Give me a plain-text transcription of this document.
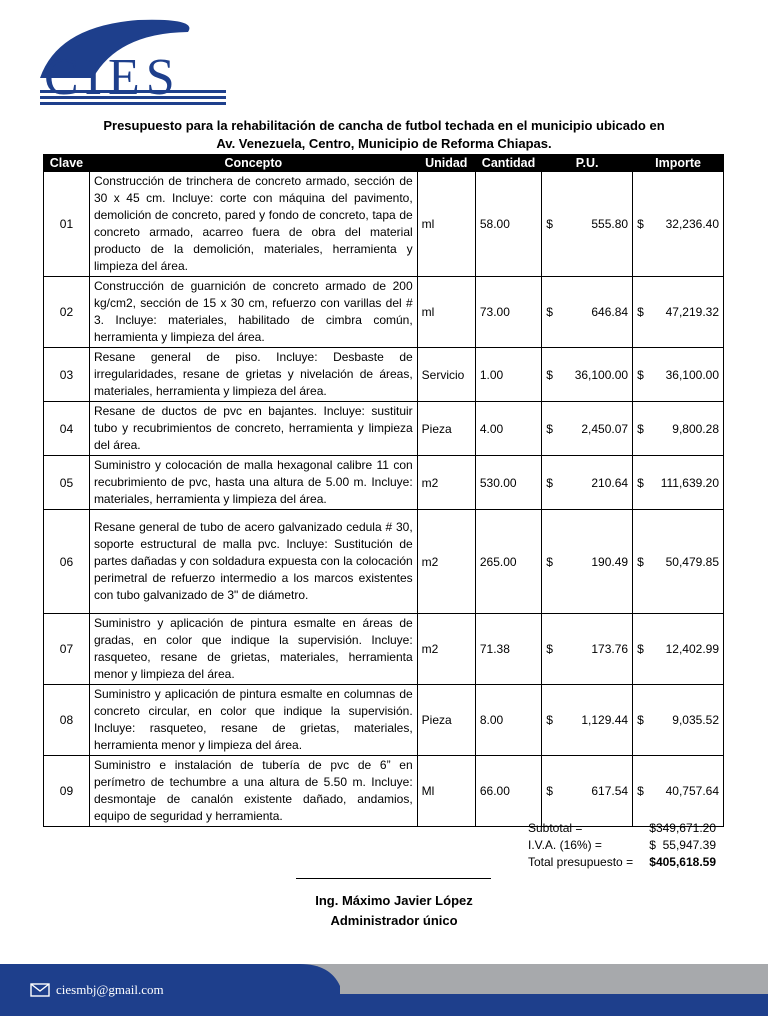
CIES
Presupuesto para la rehabilitación de cancha de futbol techada en el municipio ubicado en
Av. Venezuela, Centro, Municipio de Reforma Chiapas.
Clave	Concepto	Unidad	Cantidad	P.U.	Importe
01	Construcción de trinchera de concreto armado, sección de 30 x 45 cm. Incluye: corte con máquina del pavimento, demolición de concreto, pared y fondo de concreto, tapa de concreto armado, acarreo fuera de obra del material producto de la demolición, materiales, herramienta y limpieza del área.	ml	58.00	$ 555.80	$ 32,236.40

02	Construcción de guarnición de concreto armado de 200 kg/cm2, sección de 15 x 30 cm, refuerzo con varillas del # 3. Incluye: materiales, habilitado de cimbra común, herramienta y limpieza del área.	ml	73.00	$ 646.84	$ 47,219.32

03	Resane general de piso. Incluye: Desbaste de irregularidades, resane de grietas y nivelación de áreas, materiales, herramienta y limpieza del área.	Servicio	1.00	$ 36,100.00	$ 36,100.00

04	Resane de ductos de pvc en bajantes. Incluye: sustituir tubo y recubrimientos de concreto, herramienta y limpieza del área.	Pieza	4.00	$ 2,450.07	$ 9,800.28

05	Suministro y colocación de malla hexagonal calibre 11 con recubrimiento de pvc, hasta una altura de 5.00 m. Incluye: materiales, herramienta y limpieza del área.	m2	530.00	$ 210.64	$ 111,639.20

06	Resane general de tubo de acero galvanizado cedula # 30, soporte estructural de malla pvc. Incluye: Sustitución de partes dañadas y con soldadura expuesta con la colocación perimetral de refuerzo intermedio a los marcos existentes con tubo galvanizado de 3" de diámetro.	m2	265.00	$ 190.49	$ 50,479.85

07	Suministro y aplicación de pintura esmalte en áreas de gradas, en color que indique la supervisión. Incluye: rasqueteo, resane de grietas, materiales, herramienta menor y limpieza del área.	m2	71.38	$ 173.76	$ 12,402.99

08	Suministro y aplicación de pintura esmalte en columnas de concreto circular, en color que indique la supervisión. Incluye: rasqueteo, resane de grietas, materiales, herramienta menor y limpieza del área.	Pieza	8.00	$ 1,129.44	$ 9,035.52

09	Suministro e instalación de tubería de pvc de 6” en perímetro de techumbre a una altura de 5.50 m. Incluye: desmontaje de canalón existente dañado, andamios, equipo de seguridad y herramienta.	Ml	66.00	$ 617.54	$ 40,757.64
Subtotal =	$349,671.20
I.V.A. (16%) =	$  55,947.39
Total presupuesto = $405,618.59
Ing. Máximo Javier López
Administrador único
ciesmbj@gmail.com
